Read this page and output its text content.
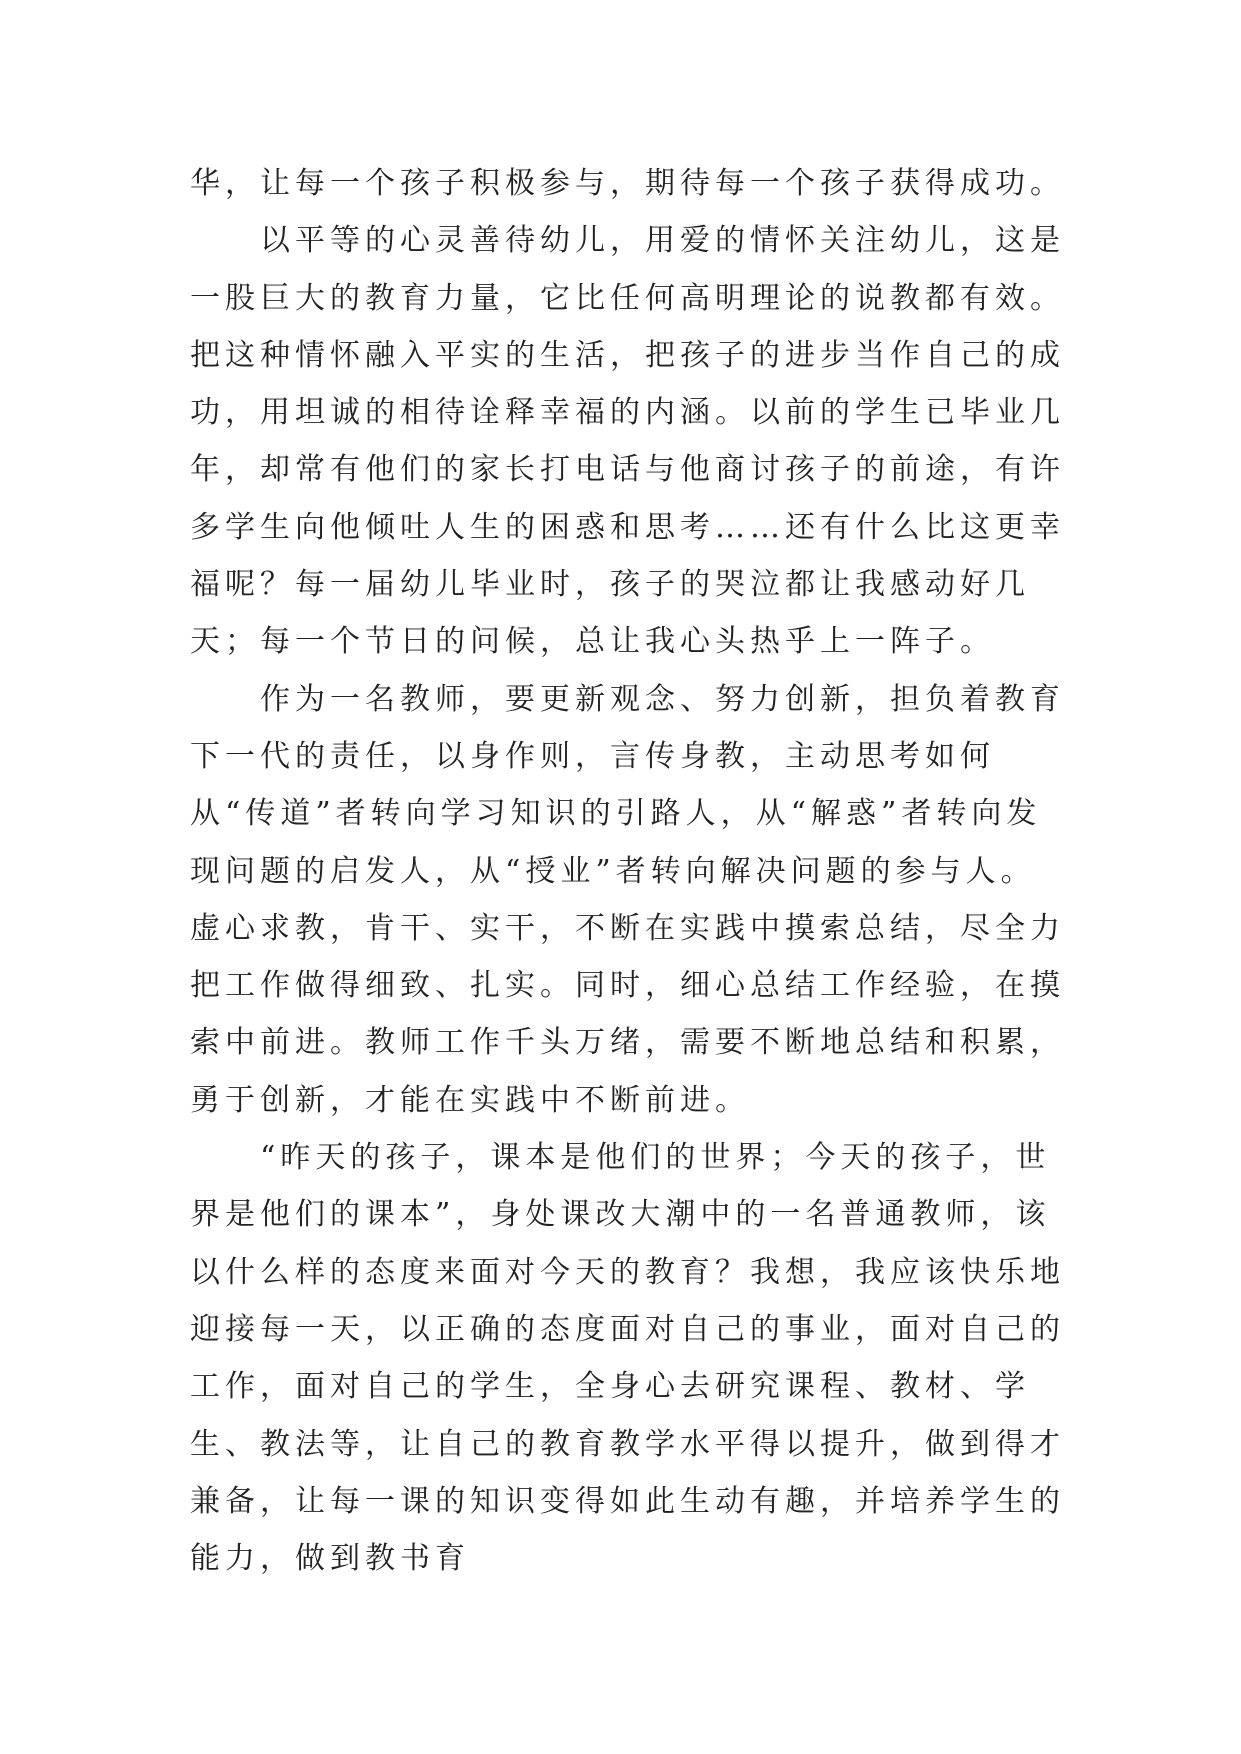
华，让每一个孩子积极参与，期待每一个孩子获得成功。

以平等的心灵善待幼儿，用爱的情怀关注幼儿，这是一股巨大的教育力量，它比任何高明理论的说教都有效。把这种情怀融入平实的生活，把孩子的进步当作自己的成功，用坦诚的相待诠释幸福的内涵。以前的学生已毕业几年，却常有他们的家长打电话与他商讨孩子的前途，有许多学生向他倾吐人生的困惑和思考……还有什么比这更幸福呢？每一届幼儿毕业时，孩子的哭泣都让我感动好几天；每一个节日的问候，总让我心头热乎上一阵子。

作为一名教师，要更新观念、努力创新，担负着教育下一代的责任，以身作则，言传身教，主动思考如何从“传道”者转向学习知识的引路人，从“解惑”者转向发现问题的启发人，从“授业”者转向解决问题的参与人。虚心求教，肯干、实干，不断在实践中摸索总结，尽全力把工作做得细致、扎实。同时，细心总结工作经验，在摸索中前进。教师工作千头万绪，需要不断地总结和积累，勇于创新，才能在实践中不断前进。

“昨天的孩子，课本是他们的世界；今天的孩子，世界是他们的课本”，身处课改大潮中的一名普通教师，该以什么样的态度来面对今天的教育？我想，我应该快乐地迎接每一天，以正确的态度面对自己的事业，面对自己的工作，面对自己的学生，全身心去研究课程、教材、学生、教法等，让自己的教育教学水平得以提升，做到得才兼备，让每一课的知识变得如此生动有趣，并培养学生的能力，做到教书育
